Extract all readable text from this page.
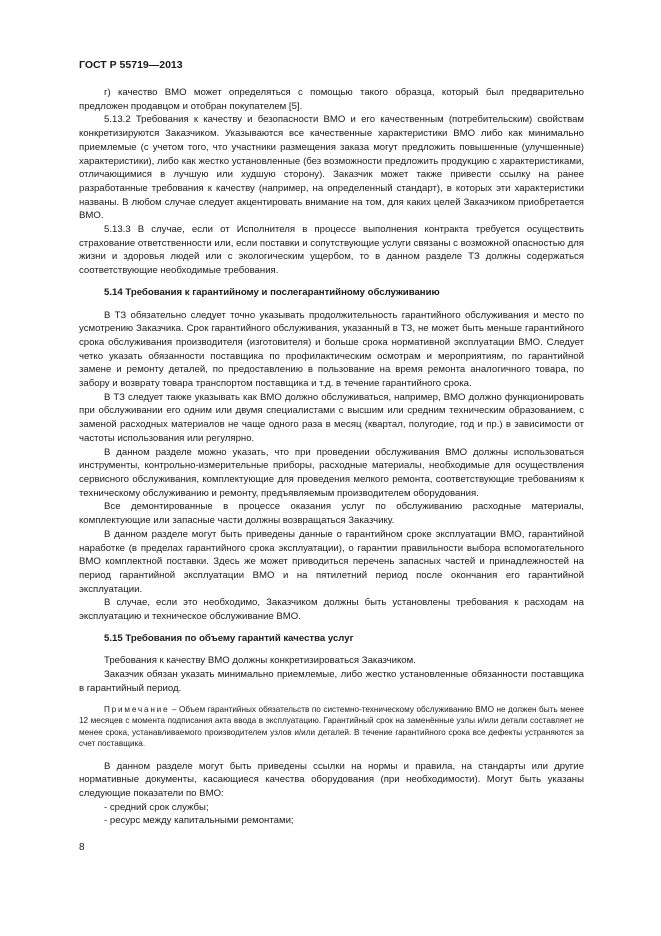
ГОСТ Р 55719—2013

г) качество ВМО может определяться с помощью такого образца, который был предварительно предложен продавцом и отобран покупателем [5].

5.13.2 Требования к качеству и безопасности ВМО и его качественным (потребительским) свойствам конкретизируются Заказчиком. Указываются все качественные характеристики ВМО либо как минимально приемлемые (с учетом того, что участники размещения заказа могут предложить повышенные (улучшенные) характеристики), либо как жестко установленные (без возможности предложить продукцию с характеристиками, отличающимися в лучшую или худшую сторону). Заказчик может также привести ссылку на ранее разработанные требования к качеству (например, на определенный стандарт), в которых эти характеристики названы. В любом случае следует акцентировать внимание на том, для каких целей Заказчиком приобретается ВМО.

5.13.3 В случае, если от Исполнителя в процессе выполнения контракта требуется осуществить страхование ответственности или, если поставки и сопутствующие услуги связаны с возможной опасностью для жизни и здоровья людей или с экологическим ущербом, то в данном разделе ТЗ должны содержаться соответствующие необходимые требования.

5.14 Требования к гарантийному и послегарантийному обслуживанию

В ТЗ обязательно следует точно указывать продолжительность гарантийного обслуживания и место по усмотрению Заказчика. Срок гарантийного обслуживания, указанный в ТЗ, не может быть меньше гарантийного срока обслуживания производителя (изготовителя) и больше срока нормативной эксплуатации ВМО. Следует четко указать обязанности поставщика по профилактическим осмотрам и мероприятиям, по гарантийной замене и ремонту деталей, по предоставлению в пользование на время ремонта аналогичного товара, по забору и возврату товара транспортом поставщика и т.д. в течение гарантийного срока.

В ТЗ следует также указывать как ВМО должно обслуживаться, например, ВМО должно функционировать при обслуживании его одним или двумя специалистами с высшим или средним техническим образованием, с заменой расходных материалов не чаще одного раза в месяц (квартал, полугодие, год и пр.) в зависимости от частоты использования или регулярно.

В данном разделе можно указать, что при проведении обслуживания ВМО должны использоваться инструменты, контрольно-измерительные приборы, расходные материалы, необходимые для осуществления сервисного обслуживания, комплектующие для проведения мелкого ремонта, соответствующие требованиям к техническому обслуживанию и ремонту, предъявляемым производителем оборудования.

Все демонтированные в процессе оказания услуг по обслуживанию расходные материалы, комплектующие или запасные части должны возвращаться Заказчику.

В данном разделе могут быть приведены данные о гарантийном сроке эксплуатации ВМО, гарантийной наработке (в пределах гарантийного срока эксплуатации), о гарантии правильности выбора вспомогательного ВМО комплектной поставки. Здесь же может приводиться перечень запасных частей и принадлежностей на период гарантийной эксплуатации ВМО и на пятилетний период после окончания его гарантийной эксплуатации.

В случае, если это необходимо, Заказчиком должны быть установлены требования к расходам на эксплуатацию и техническое обслуживание ВМО.

5.15 Требования по объему гарантий качества услуг

Требования к качеству ВМО должны конкретизироваться Заказчиком.

Заказчик обязан указать минимально приемлемые, либо жестко установленные обязанности поставщика в гарантийный период.

Примечание – Объем гарантийных обязательств по системно-техническому обслуживанию ВМО не должен быть менее 12 месяцев с момента подписания акта ввода в эксплуатацию. Гарантийный срок на заменённые узлы и/или детали составляет не менее срока, устанавливаемого производителем узлов и/или деталей. В течение гарантийного срока все дефекты устраняются за счет поставщика.

В данном разделе могут быть приведены ссылки на нормы и правила, на стандарты или другие нормативные документы, касающиеся качества оборудования (при необходимости). Могут быть указаны следующие показатели по ВМО:

- средний срок службы;
- ресурс между капитальными ремонтами;
8
